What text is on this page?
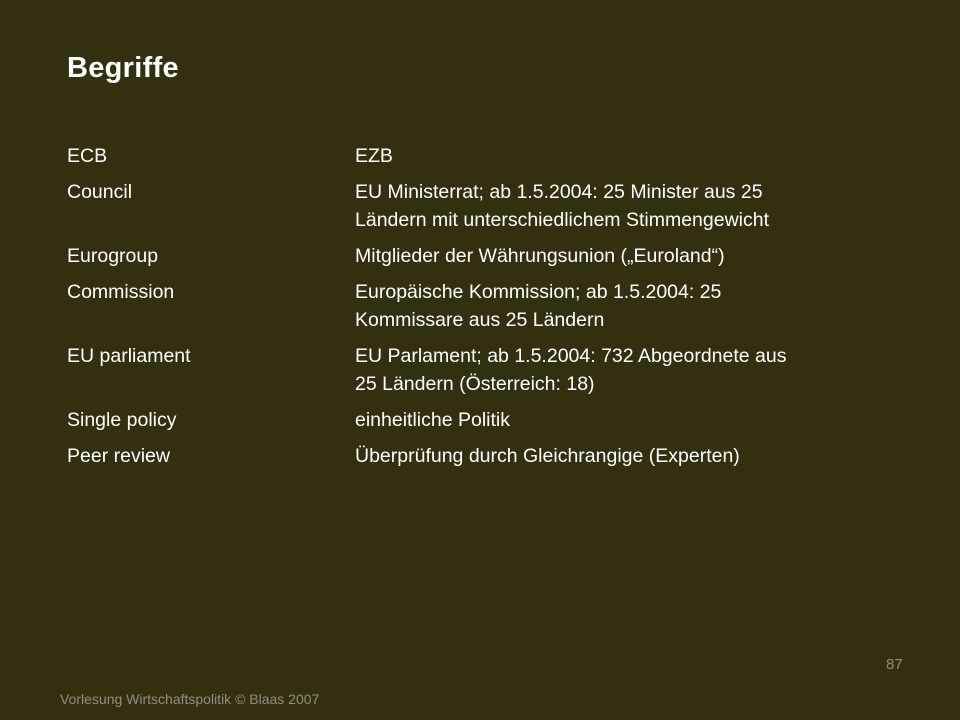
Begriffe
ECB	EZB
Council	EU Ministerrat; ab 1.5.2004: 25 Minister aus 25
Ländern mit unterschiedlichem Stimmengewicht
Eurogroup	Mitglieder der Währungsunion („Euroland“)
Commission	Europäische Kommission; ab 1.5.2004: 25
Kommissare aus 25 Ländern
EU parliament	EU Parlament; ab 1.5.2004: 732 Abgeordnete aus
25 Ländern (Österreich: 18)
Single policy	einheitliche Politik
Peer review	Überprüfung durch Gleichrangige (Experten)
87
Vorlesung Wirtschaftspolitik © Blaas 2007
